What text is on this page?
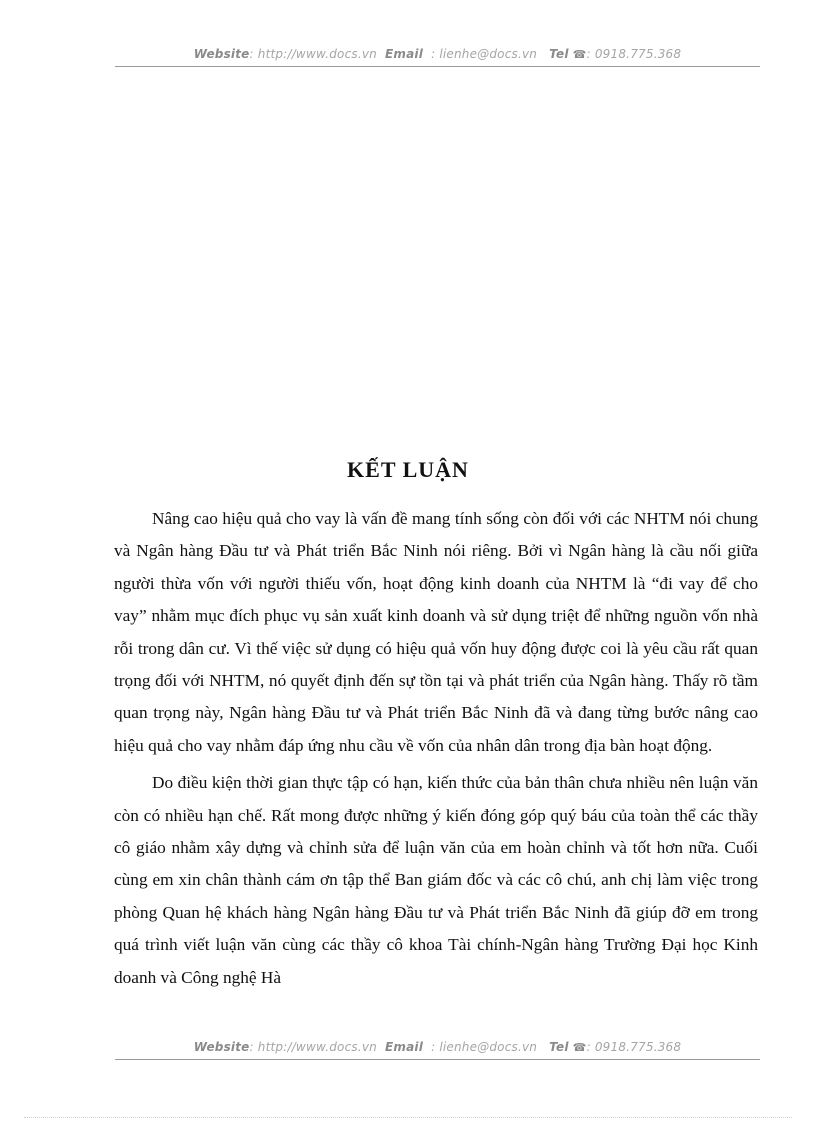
Website: http://www.docs.vn Email : lienhe@docs.vn Tel ☎: 0918.775.368
KẾT LUẬN

Nâng cao hiệu quả cho vay là vấn đề mang tính sống còn đối với các NHTM nói chung và Ngân hàng Đầu tư và Phát triển Bắc Ninh nói riêng. Bởi vì Ngân hàng là cầu nối giữa người thừa vốn với người thiếu vốn, hoạt động kinh doanh của NHTM là “đi vay để cho vay” nhằm mục đích phục vụ sản xuất kinh doanh và sử dụng triệt để những nguồn vốn nhà rỗi trong dân cư. Vì thế việc sử dụng có hiệu quả vốn huy động được coi là yêu cầu rất quan trọng đối với NHTM, nó quyết định đến sự tồn tại và phát triển của Ngân hàng. Thấy rõ tầm quan trọng này, Ngân hàng Đầu tư và Phát triển Bắc Ninh đã và đang từng bước nâng cao hiệu quả cho vay nhằm đáp ứng nhu cầu về vốn của nhân dân trong địa bàn hoạt động.

Do điều kiện thời gian thực tập có hạn, kiến thức của bản thân chưa nhiều nên luận văn còn có nhiều hạn chế. Rất mong được những ý kiến đóng góp quý báu của toàn thể các thầy cô giáo nhằm xây dựng và chỉnh sửa để luận văn của em hoàn chỉnh và tốt hơn nữa. Cuối cùng em xin chân thành cám ơn tập thể Ban giám đốc và các cô chú, anh chị làm việc trong phòng Quan hệ khách hàng Ngân hàng Đầu tư và Phát triển Bắc Ninh đã giúp đỡ em trong quá trình viết luận văn cùng các thầy cô khoa Tài chính-Ngân hàng Trường Đại học Kinh doanh và Công nghệ Hà

Website: http://www.docs.vn Email : lienhe@docs.vn Tel ☎: 0918.775.368
